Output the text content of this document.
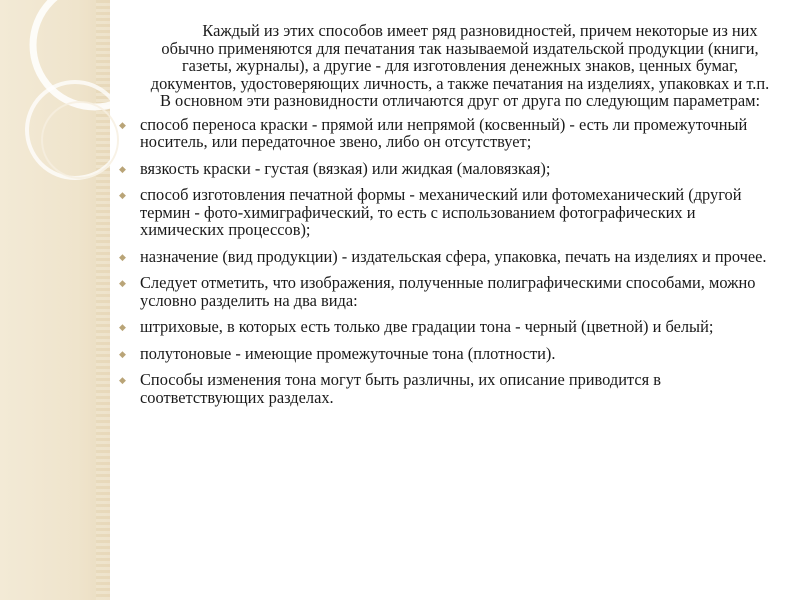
Каждый из этих способов имеет ряд разновидностей, причем некоторые из них обычно применяются для печатания так называемой издательской продукции (книги, газеты, журналы), а другие - для изготовления денежных знаков, ценных бумаг, документов, удостоверяющих личность, а также печатания на изделиях, упаковках и т.п.

В основном эти разновидности отличаются друг от друга по следующим параметрам:

◆ способ переноса краски - прямой или непрямой (косвенный) - есть ли промежуточный носитель, или передаточное звено, либо он отсутствует;
◆ вязкость краски - густая (вязкая) или жидкая (маловязкая);
◆ способ изготовления печатной формы - механический или фотомеханический (другой термин - фото-химиграфический, то есть с использованием фотографических и химических процессов);
◆ назначение (вид продукции) - издательская сфера, упаковка, печать на изделиях и прочее.
◆ Следует отметить, что изображения, полученные полиграфическими способами, можно условно разделить на два вида:
◆ штриховые, в которых есть только две градации тона - черный (цветной) и белый;
◆ полутоновые - имеющие промежуточные тона (плотности).
◆ Способы изменения тона могут быть различны, их описание приводится в соответствующих разделах.
